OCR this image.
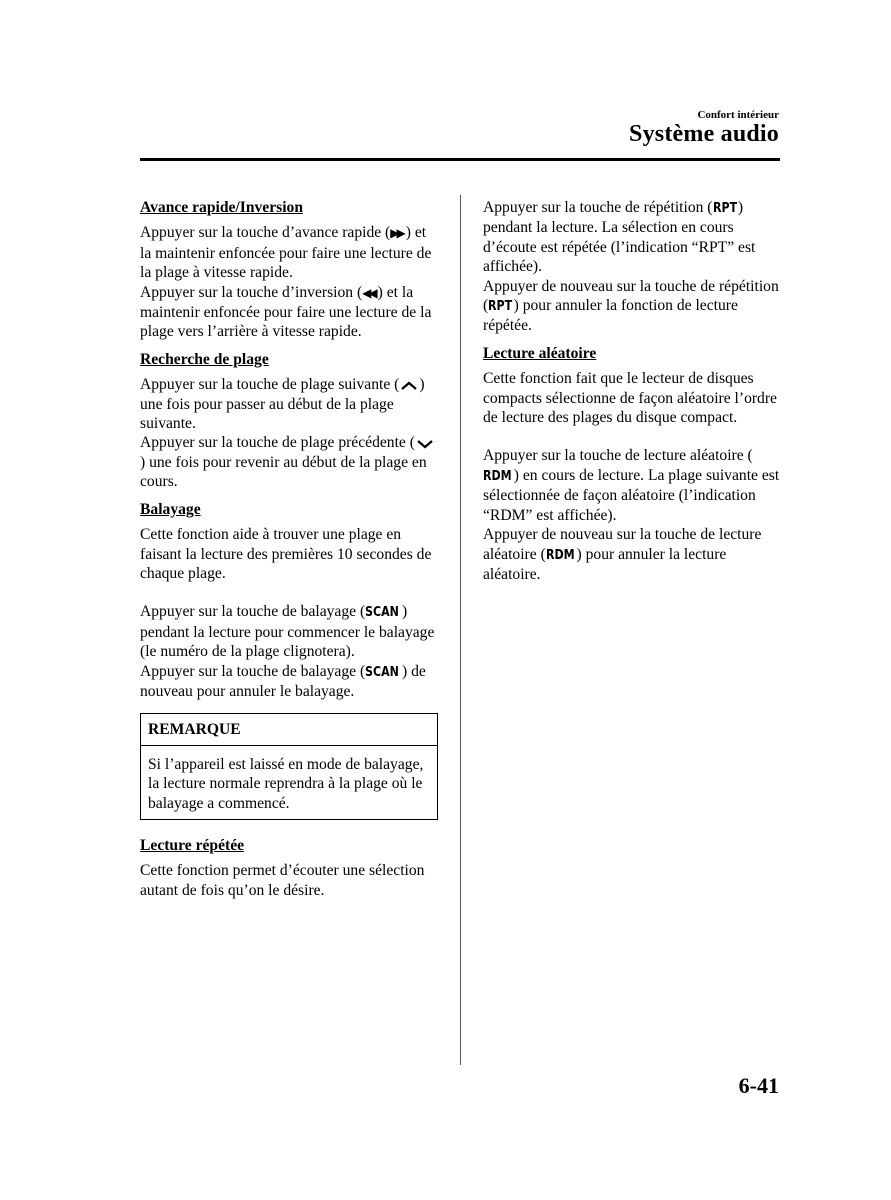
Confort intérieur
Système audio
Avance rapide/Inversion

Appuyer sur la touche d’avance rapide (▶▶ ) et la maintenir enfoncée pour faire une lecture de la plage à vitesse rapide.

Appuyer sur la touche d’inversion (◀◀ ) et la maintenir enfoncée pour faire une lecture de la plage vers l’arrière à vitesse rapide.

Recherche de plage

Appuyer sur la touche de plage suivante ( ) une fois pour passer au début de la plage suivante.

Appuyer sur la touche de plage précédente () une fois pour revenir au début de la plage en cours.

Balayage

Cette fonction aide à trouver une plage en faisant la lecture des premières 10 secondes de chaque plage.

Appuyer sur la touche de balayage (SCAN ) pendant la lecture pour commencer le balayage (le numéro de la plage clignotera).

Appuyer sur la touche de balayage (SCAN ) de nouveau pour annuler le balayage.

REMARQUE
Si l’appareil est laissé en mode de balayage, la lecture normale reprendra à la plage où le balayage a commencé.
Lecture répétée

Cette fonction permet d’écouter une sélection autant de fois qu’on le désire.

Appuyer sur la touche de répétition (RPT) pendant la lecture. La sélection en cours d’écoute est répétée (l’indication “RPT” est affichée).

Appuyer de nouveau sur la touche de répétition (RPT) pour annuler la fonction de lecture répétée.

Lecture aléatoire

Cette fonction fait que le lecteur de disques compacts sélectionne de façon aléatoire l’ordre de lecture des plages du disque compact.

Appuyer sur la touche de lecture aléatoire (RDM ) en cours de lecture. La plage suivante est sélectionnée de façon aléatoire (l’indication “RDM” est affichée).

Appuyer de nouveau sur la touche de lecture aléatoire (RDM ) pour annuler la lecture aléatoire.

6-41
